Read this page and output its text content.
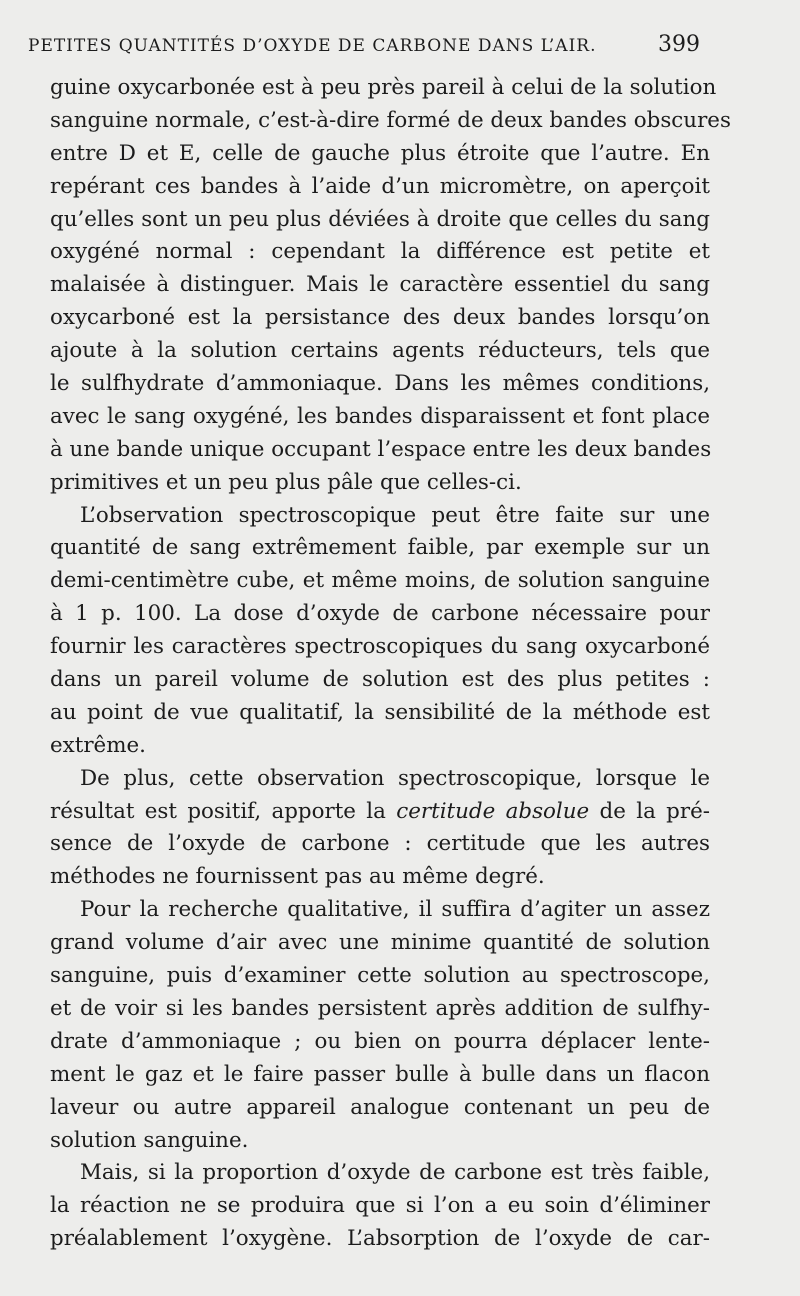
PETITES QUANTITÉS D’OXYDE DE CARBONE DANS L’AIR.	399
guine oxycarbonée est à peu près pareil à celui de la solution
sanguine normale, c’est-à-dire formé de deux bandes obscures
entre D et E, celle de gauche plus étroite que l’autre. En
repérant ces bandes à l’aide d’un micromètre, on aperçoit
qu’elles sont un peu plus déviées à droite que celles du sang
oxygéné normal : cependant la différence est petite et
malaisée à distinguer. Mais le caractère essentiel du sang
oxycarboné est la persistance des deux bandes lorsqu’on
ajoute à la solution certains agents réducteurs, tels que
le sulfhydrate d’ammoniaque. Dans les mêmes conditions,
avec le sang oxygéné, les bandes disparaissent et font place
à une bande unique occupant l’espace entre les deux bandes
primitives et un peu plus pâle que celles-ci.
L’observation spectroscopique peut être faite sur une
quantité de sang extrêmement faible, par exemple sur un
demi-centimètre cube, et même moins, de solution sanguine
à 1 p. 100. La dose d’oxyde de carbone nécessaire pour
fournir les caractères spectroscopiques du sang oxycarboné
dans un pareil volume de solution est des plus petites :
au point de vue qualitatif, la sensibilité de la méthode est
extrême.
De plus, cette observation spectroscopique, lorsque le
résultat est positif, apporte la certitude absolue de la pré-
sence de l’oxyde de carbone : certitude que les autres
méthodes ne fournissent pas au même degré.
Pour la recherche qualitative, il suffira d’agiter un assez
grand volume d’air avec une minime quantité de solution
sanguine, puis d’examiner cette solution au spectroscope,
et de voir si les bandes persistent après addition de sulfhy-
drate d’ammoniaque ; ou bien on pourra déplacer lente-
ment le gaz et le faire passer bulle à bulle dans un flacon
laveur ou autre appareil analogue contenant un peu de
solution sanguine.
Mais, si la proportion d’oxyde de carbone est très faible,
la réaction ne se produira que si l’on a eu soin d’éliminer
préalablement l’oxygène. L’absorption de l’oxyde de car-
